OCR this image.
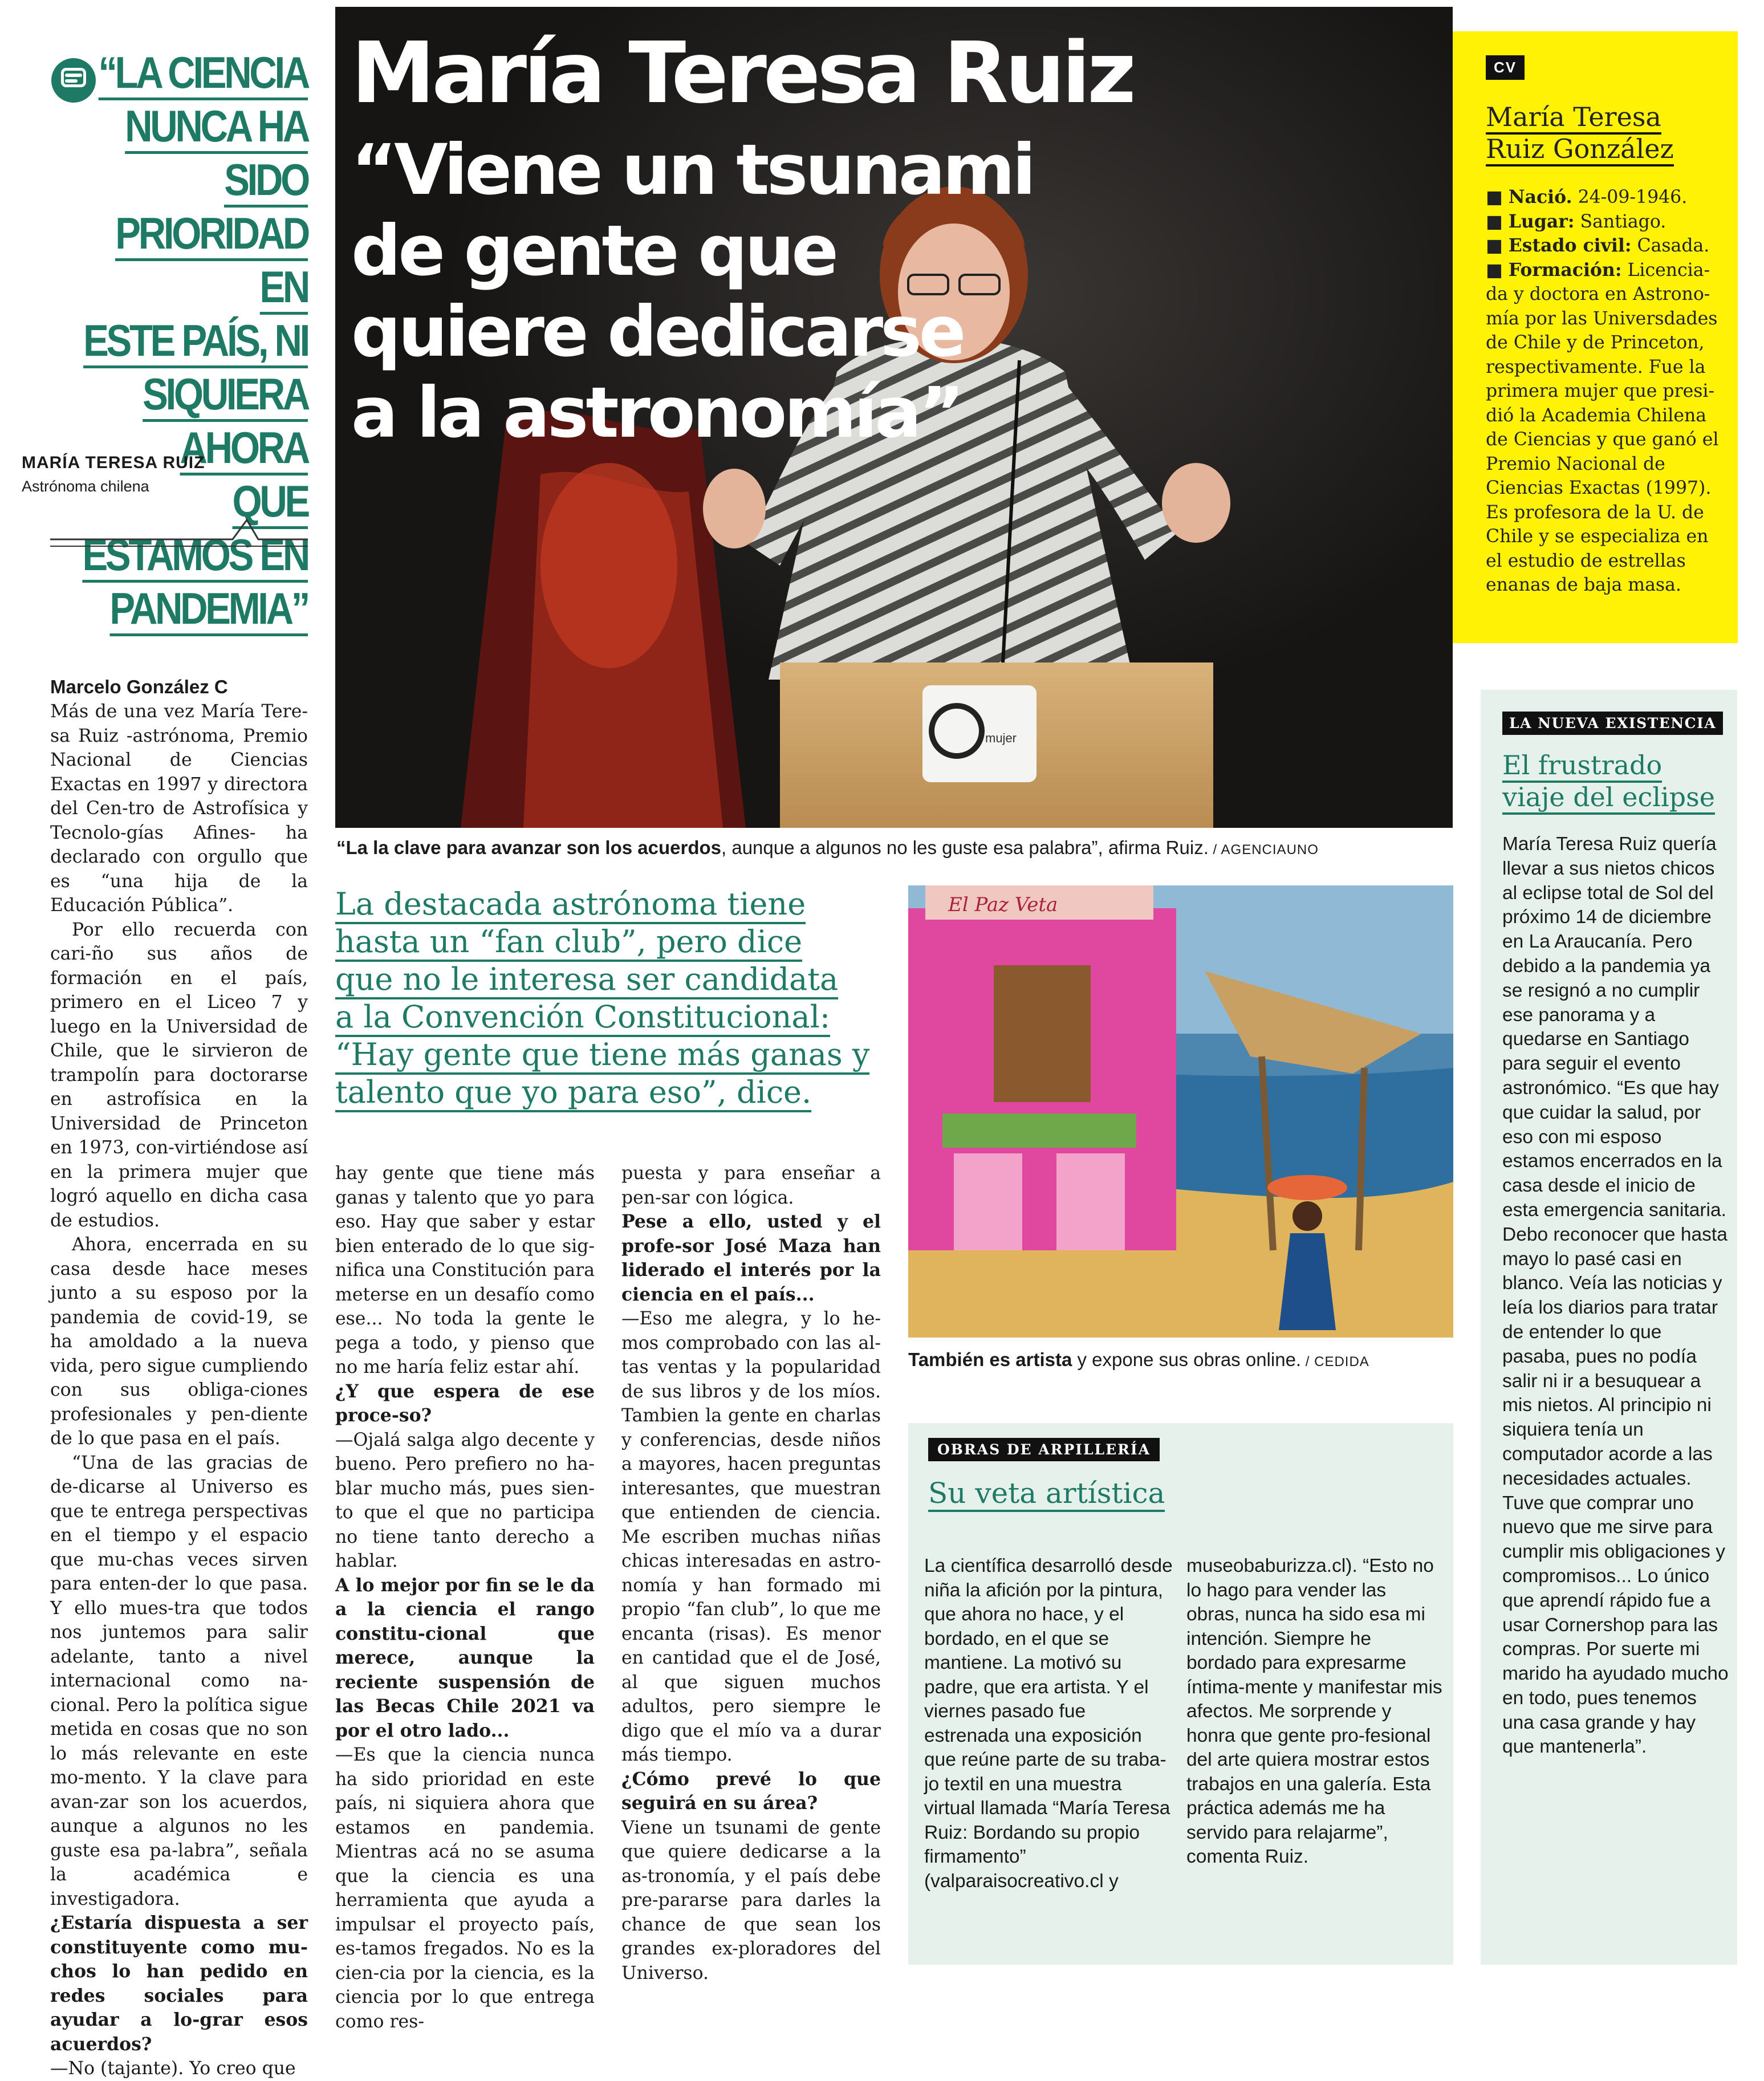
“LA CIENCIA
NUNCA HA SIDO
PRIORIDAD EN
ESTE PAÍS, NI
SIQUIERA AHORA
QUE ESTAMOS EN
PANDEMIA”
MARÍA TERESA RUIZ
Astrónoma chilena
mujer
María Teresa Ruiz
“Viene un tsunami
de gente que
quiere dedicarse
a la astronomía”
“La la clave para avanzar son los acuerdos, aunque a algunos no les guste esa palabra”, afirma Ruiz. / AGENCIAUNO
CV
María Teresa
Ruiz González
■ Nació. 24-09-1946.
■ Lugar: Santiago.
■ Estado civil: Casada.
■ Formación: Licencia-da y doctora en Astrono-mía por las Universdades de Chile y de Princeton, respectivamente. Fue la primera mujer que presi-dió la Academia Chilena de Ciencias y que ganó el Premio Nacional de Ciencias Exactas (1997). Es profesora de la U. de Chile y se especializa en el estudio de estrellas enanas de baja masa.

Marcelo González C

Más de una vez María Tere-sa Ruiz -astrónoma, Premio Nacional de Ciencias Exactas en 1997 y directora del Cen-tro de Astrofísica y Tecnolo-gías Afines- ha declarado con orgullo que es “una hija de la Educación Pública”.

Por ello recuerda con cari-ño sus años de formación en el país, primero en el Liceo 7 y luego en la Universidad de Chile, que le sirvieron de trampolín para doctorarse en astrofísica en la Universidad de Princeton en 1973, con-virtiéndose así en la primera mujer que logró aquello en dicha casa de estudios.

Ahora, encerrada en su casa desde hace meses junto a su esposo por la pandemia de covid-19, se ha amoldado a la nueva vida, pero sigue cumpliendo con sus obliga-ciones profesionales y pen-diente de lo que pasa en el país.

“Una de las gracias de de-dicarse al Universo es que te entrega perspectivas en el tiempo y el espacio que mu-chas veces sirven para enten-der lo que pasa. Y ello mues-tra que todos nos juntemos para salir adelante, tanto a nivel internacional como na-cional. Pero la política sigue metida en cosas que no son lo más relevante en este mo-mento. Y la clave para avan-zar son los acuerdos, aunque a algunos no les guste esa pa-labra”, señala la académica e investigadora.

¿Estaría dispuesta a ser constituyente como mu-chos lo han pedido en redes sociales para ayudar a lo-grar esos acuerdos?

—No (tajante). Yo creo que

La destacada astrónoma tiene
hasta un “fan club”, pero dice
que no le interesa ser candidata
a la Convención Constitucional:
“Hay gente que tiene más ganas y
talento que yo para eso”, dice.

hay gente que tiene más ganas y talento que yo para eso. Hay que saber y estar bien enterado de lo que sig-nifica una Constitución para meterse en un desafío como ese... No toda la gente le pega a todo, y pienso que no me haría feliz estar ahí.

¿Y que espera de ese proce-so?

—Ojalá salga algo decente y bueno. Pero prefiero no ha-blar mucho más, pues sien-to que el que no participa no tiene tanto derecho a hablar.

A lo mejor por fin se le da a la ciencia el rango constitu-cional que merece, aunque la reciente suspensión de las Becas Chile 2021 va por el otro lado...

—Es que la ciencia nunca ha sido prioridad en este país, ni siquiera ahora que estamos en pandemia. Mientras acá no se asuma que la ciencia es una herramienta que ayuda a impulsar el proyecto país, es-tamos fregados. No es la cien-cia por la ciencia, es la ciencia por lo que entrega como res-

puesta y para enseñar a pen-sar con lógica.

Pese a ello, usted y el profe-sor José Maza han liderado el interés por la ciencia en el país...

—Eso me alegra, y lo he-mos comprobado con las al-tas ventas y la popularidad de sus libros y de los míos. Tambien la gente en charlas y conferencias, desde niños a mayores, hacen preguntas interesantes, que muestran que entienden de ciencia. Me escriben muchas niñas chicas interesadas en astro-nomía y han formado mi propio “fan club”, lo que me encanta (risas). Es menor en cantidad que el de José, al que siguen muchos adultos, pero siempre le digo que el mío va a durar más tiempo.

¿Cómo prevé lo que seguirá en su área?

Viene un tsunami de gente que quiere dedicarse a la as-tronomía, y el país debe pre-pararse para darles la chance de que sean los grandes ex-ploradores del Universo.

El Paz Veta
También es artista y expone sus obras online. / CEDIDA
OBRAS DE ARPILLERÍA
Su veta artística
La científica desarrolló desde niña la afición por la pintura, que ahora no hace, y el bordado, en el que se mantiene. La motivó su padre, que era artista. Y el viernes pasado fue estrenada una exposición que reúne parte de su traba-jo textil en una muestra virtual llamada “María Teresa Ruiz: Bordando su propio firmamento” (valparaisocreativo.cl y
museobaburizza.cl). “Esto no lo hago para vender las obras, nunca ha sido esa mi intención. Siempre he bordado para expresarme íntima-mente y manifestar mis afectos. Me sorprende y honra que gente pro-fesional del arte quiera mostrar estos trabajos en una galería. Esta práctica además me ha servido para relajarme”, comenta Ruiz.
LA NUEVA EXISTENCIA
El frustrado
viaje del eclipse
María Teresa Ruiz quería llevar a sus nietos chicos al eclipse total de Sol del próximo 14 de diciembre en La Araucanía. Pero debido a la pandemia ya se resignó a no cumplir ese panorama y a quedarse en Santiago para seguir el evento astronómico. “Es que hay que cuidar la salud, por eso con mi esposo estamos encerrados en la casa desde el inicio de esta emergencia sanitaria. Debo reconocer que hasta mayo lo pasé casi en blanco. Veía las noticias y leía los diarios para tratar de entender lo que pasaba, pues no podía salir ni ir a besuquear a mis nietos. Al principio ni siquiera tenía un computador acorde a las necesidades actuales. Tuve que comprar uno nuevo que me sirve para cumplir mis obligaciones y compromisos... Lo único que aprendí rápido fue a usar Cornershop para las compras. Por suerte mi marido ha ayudado mucho en todo, pues tenemos una casa grande y hay que mantenerla”.
